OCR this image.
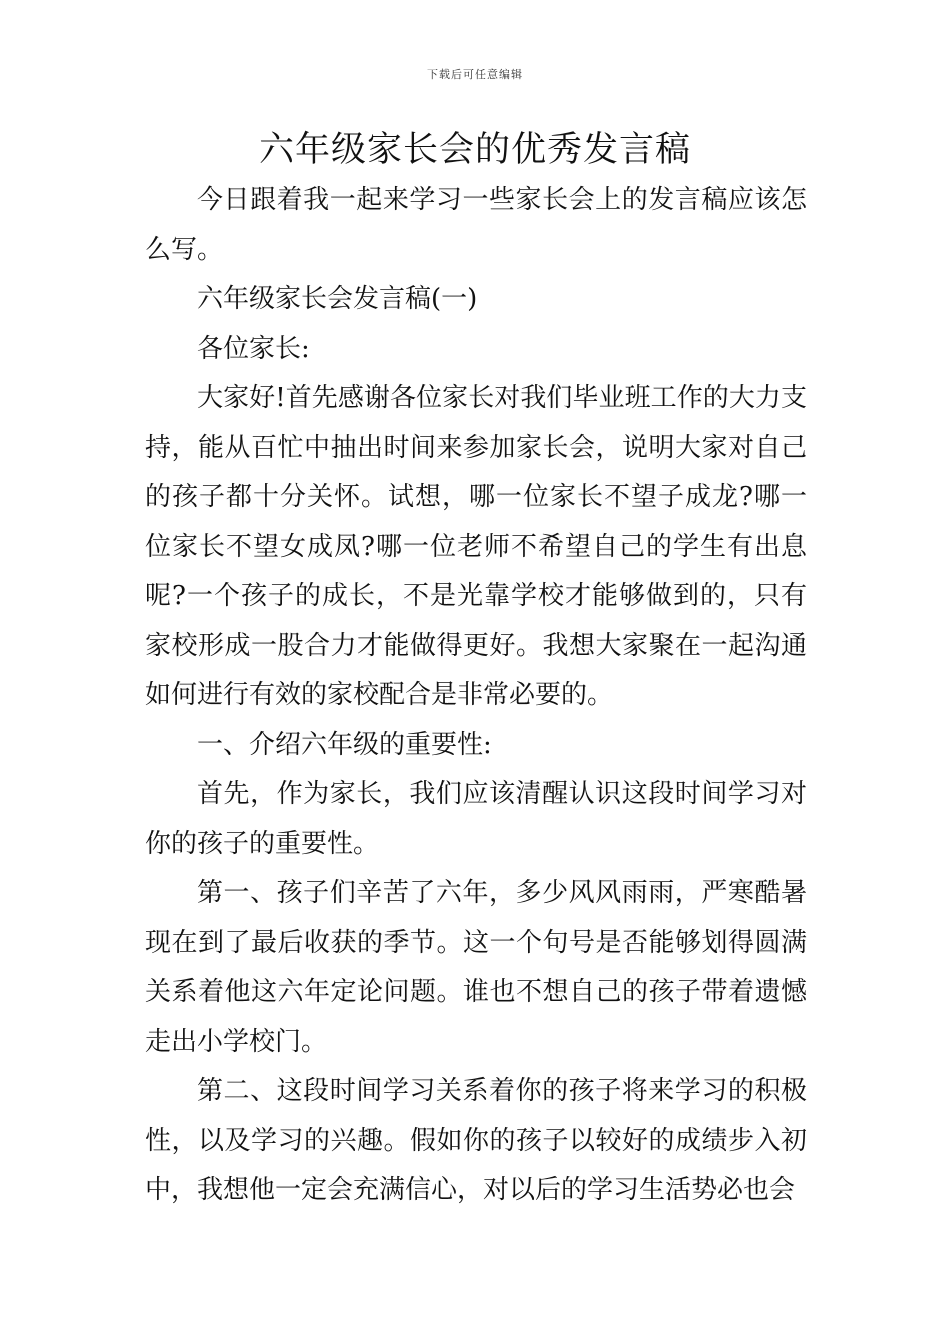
下载后可任意编辑
六年级家长会的优秀发言稿

今日跟着我一起来学习一些家长会上的发言稿应该怎么写。

六年级家长会发言稿(一)

各位家长:

大家好!首先感谢各位家长对我们毕业班工作的大力支持，能从百忙中抽出时间来参加家长会，说明大家对自己的孩子都十分关怀。试想，哪一位家长不望子成龙?哪一位家长不望女成凤?哪一位老师不希望自己的学生有出息呢?一个孩子的成长，不是光靠学校才能够做到的，只有家校形成一股合力才能做得更好。我想大家聚在一起沟通如何进行有效的家校配合是非常必要的。

一、介绍六年级的重要性:

首先，作为家长，我们应该清醒认识这段时间学习对你的孩子的重要性。

第一、孩子们辛苦了六年，多少风风雨雨，严寒酷暑现在到了最后收获的季节。这一个句号是否能够划得圆满关系着他这六年定论问题。谁也不想自己的孩子带着遗憾走出小学校门。

第二、这段时间学习关系着你的孩子将来学习的积极性，以及学习的兴趣。假如你的孩子以较好的成绩步入初中，我想他一定会充满信心，对以后的学习生活势必也会
